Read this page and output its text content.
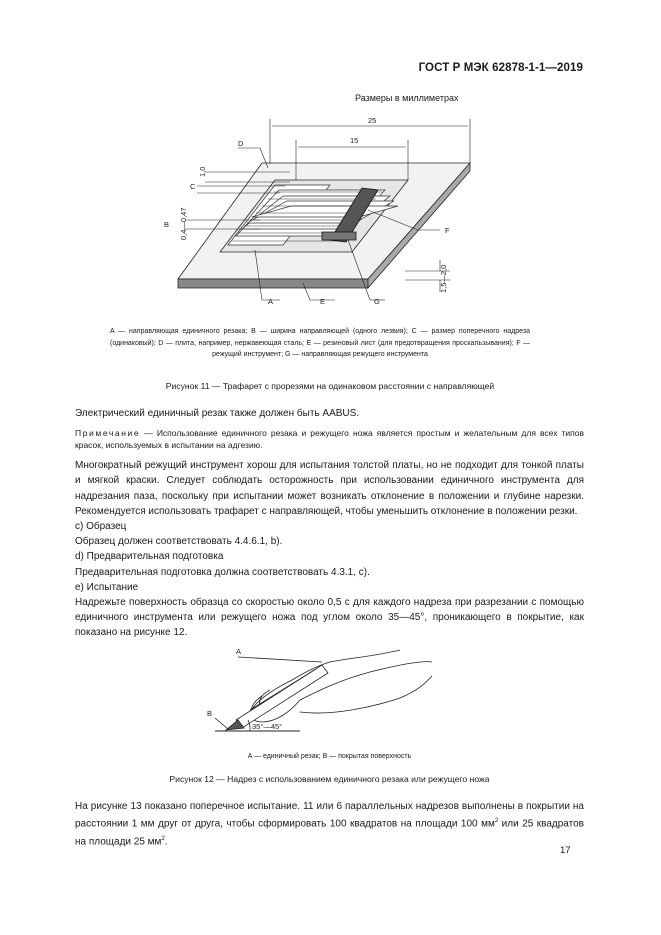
ГОСТ Р МЭК 62878-1-1—2019
Размеры в миллиметрах
25
15
1,0
0,4—0,47
1,5—2,0
D
C
B
A	E	G
F
A — направляющая единичного резака; B — ширина направляющей (одного лезвия); C — размер поперечного надреза (одинаковый); D — плита, например, нержавеющая сталь; E — резиновый лист (для предотвращения проскальзывания); F — режущий инструмент; G — направляющая режущего инструмента
Рисунок 11 — Трафарет с прорезями на одинаковом расстоянии с направляющей

Электрический единичный резак также должен быть AABUS.

Примечание — Использование единичного резака и режущего ножа является простым и желательным для всех типов красок, используемых в испытании на адгезию.

Многократный режущий инструмент хорош для испытания толстой платы, но не подходит для тонкой платы и мягкой краски. Следует соблюдать осторожность при использовании единичного инструмента для надрезания паза, поскольку при испытании может возникать отклонение в положении и глубине нарезки. Рекомендуется использовать трафарет с направляющей, чтобы уменьшить отклонение в положении резки.

c) Образец

Образец должен соответствовать 4.4.6.1, b).

d) Предварительная подготовка

Предварительная подготовка должна соответствовать 4.3.1, c).

e) Испытание

Надрежьте поверхность образца со скоростью около 0,5 с для каждого надреза при разрезании с помощью единичного инструмента или режущего ножа под углом около 35—45°, проникающего в покрытие, как показано на рисунке 12.

A
B
35°—45°
A — единичный резак; B — покрытая поверхность
Рисунок 12 — Надрез с использованием единичного резака или режущего ножа

На рисунке 13 показано поперечное испытание. 11 или 6 параллельных надрезов выполнены в покрытии на расстоянии 1 мм друг от друга, чтобы сформировать 100 квадратов на площади 100 $мм^2$ или 25 квадратов на площади 25 $мм^2$.

17
